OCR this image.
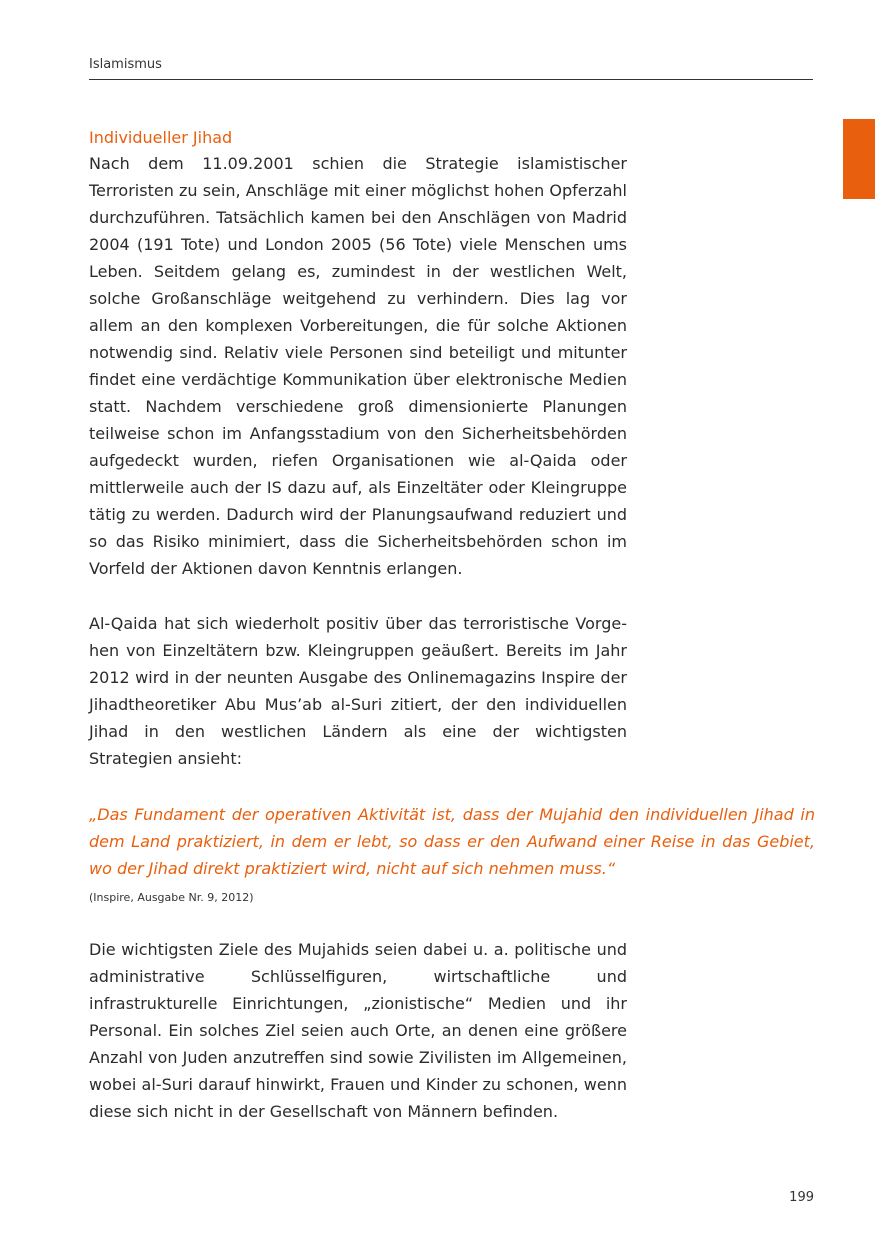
Islamismus
Individueller Jihad

Nach dem 11.09.2001 schien die Strategie islamistischer Terroristen zu sein, Anschläge mit einer möglichst hohen Opferzahl durchzuführen. Tatsächlich kamen bei den Anschlägen von Madrid 2004 (191 Tote) und London 2005 (56 Tote) viele Menschen ums Leben. Seitdem gelang es, zumindest in der westlichen Welt, solche Großanschläge weitgehend zu verhindern. Dies lag vor allem an den komplexen Vorbereitungen, die für solche Aktionen notwendig sind. Relativ viele Personen sind beteiligt und mitunter findet eine verdächtige Kommunikation über elektronische Medien statt. Nachdem verschiedene groß dimensionierte Planungen teilweise schon im Anfangsstadium von den Sicherheitsbehörden aufgedeckt wurden, riefen Organisationen wie al-Qaida oder mittlerweile auch der IS dazu auf, als Einzeltäter oder Kleingruppe tätig zu werden. Dadurch wird der Planungsaufwand reduziert und so das Risiko minimiert, dass die Sicherheitsbehörden schon im Vorfeld der Aktionen davon Kenntnis erlangen.

Al-Qaida hat sich wiederholt positiv über das terroristische Vorgehen von Einzeltätern bzw. Kleingruppen geäußert. Bereits im Jahr 2012 wird in der neunten Ausgabe des Onlinemagazins Inspire der Jihadtheoretiker Abu Mus’ab al-Suri zitiert, der den individuellen Jihad in den westlichen Ländern als eine der wichtigsten Strategien ansieht:

„Das Fundament der operativen Aktivität ist, dass der Mujahid den individuellen Jihad in dem Land praktiziert, in dem er lebt, so dass er den Aufwand einer Reise in das Gebiet, wo der Jihad direkt praktiziert wird, nicht auf sich nehmen muss.“

(Inspire, Ausgabe Nr. 9, 2012)

Die wichtigsten Ziele des Mujahids seien dabei u. a. politische und administrative Schlüsselfiguren, wirtschaftliche und infrastrukturelle Einrichtungen, „zionistische“ Medien und ihr Personal. Ein solches Ziel seien auch Orte, an denen eine größere Anzahl von Juden anzutreffen sind sowie Zivilisten im Allgemeinen, wobei al-Suri darauf hinwirkt, Frauen und Kinder zu schonen, wenn diese sich nicht in der Gesellschaft von Männern befinden.

199
